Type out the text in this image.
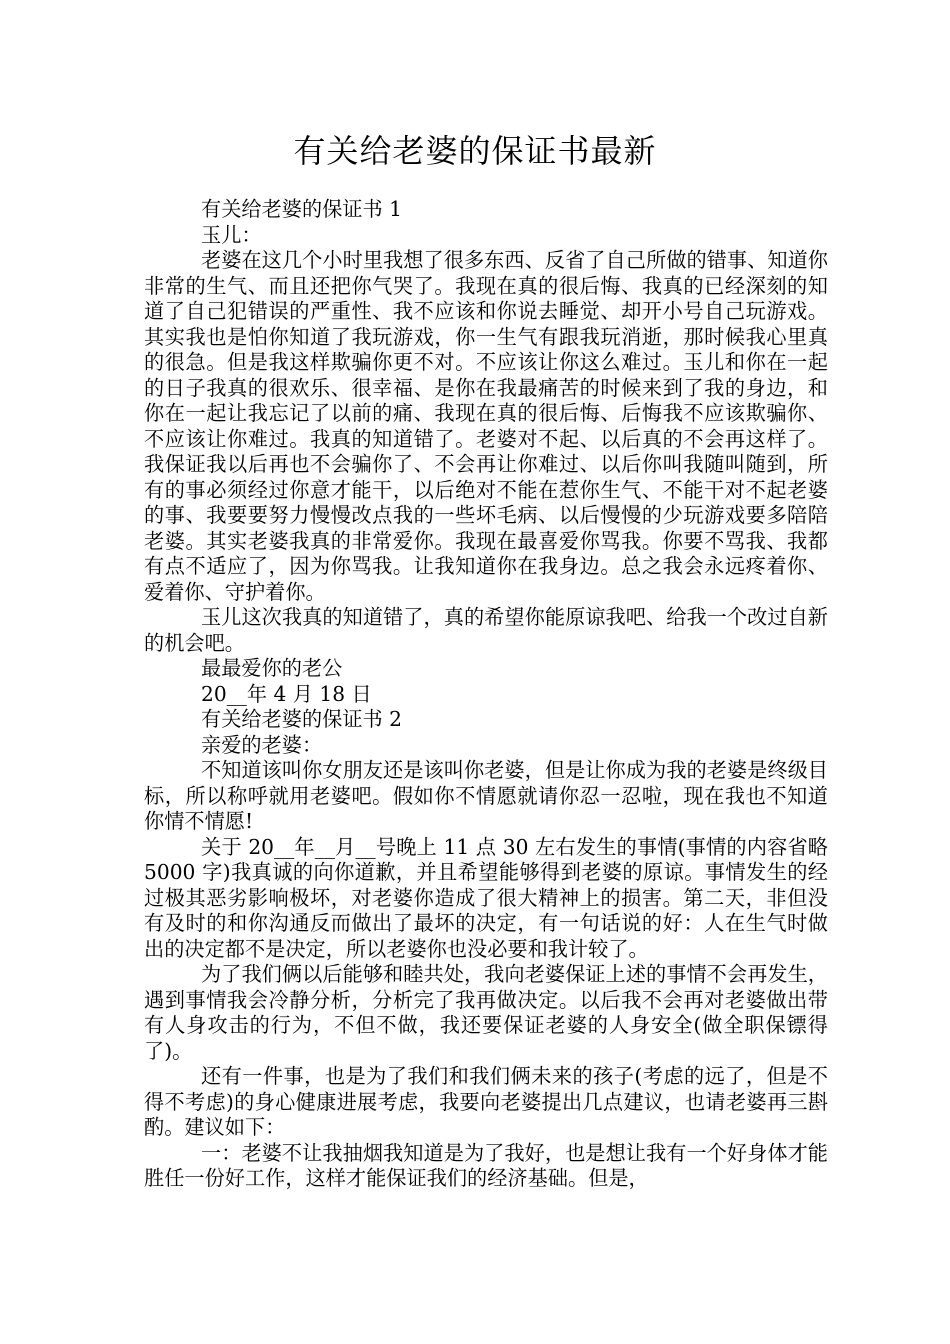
有关给老婆的保证书最新

有关给老婆的保证书 1

玉儿：

老婆在这几个小时里我想了很多东西、反省了自己所做的错事、知道你非常的生气、而且还把你气哭了。我现在真的很后悔、我真的已经深刻的知道了自己犯错误的严重性、我不应该和你说去睡觉、却开小号自己玩游戏。其实我也是怕你知道了我玩游戏，你一生气有跟我玩消逝，那时候我心里真的很急。但是我这样欺骗你更不对。不应该让你这么难过。玉儿和你在一起的日子我真的很欢乐、很幸福、是你在我最痛苦的时候来到了我的身边，和你在一起让我忘记了以前的痛、我现在真的很后悔、后悔我不应该欺骗你、不应该让你难过。我真的知道错了。老婆对不起、以后真的不会再这样了。我保证我以后再也不会骗你了、不会再让你难过、以后你叫我随叫随到，所有的事必须经过你意才能干，以后绝对不能在惹你生气、不能干对不起老婆的事、我要要努力慢慢改点我的一些坏毛病、以后慢慢的少玩游戏要多陪陪老婆。其实老婆我真的非常爱你。我现在最喜爱你骂我。你要不骂我、我都有点不适应了，因为你骂我。让我知道你在我身边。总之我会永远疼着你、爱着你、守护着你。

玉儿这次我真的知道错了，真的希望你能原谅我吧、给我一个改过自新的机会吧。

最最爱你的老公

20__年 4 月 18 日

有关给老婆的保证书 2

亲爱的老婆：

不知道该叫你女朋友还是该叫你老婆，但是让你成为我的老婆是终级目标，所以称呼就用老婆吧。假如你不情愿就请你忍一忍啦，现在我也不知道你情不情愿!

关于 20__年__月__号晚上 11 点 30 左右发生的事情(事情的内容省略 5000 字)我真诚的向你道歉，并且希望能够得到老婆的原谅。事情发生的经过极其恶劣影响极坏，对老婆你造成了很大精神上的损害。第二天，非但没有及时的和你沟通反而做出了最坏的决定，有一句话说的好：人在生气时做出的决定都不是决定，所以老婆你也没必要和我计较了。

为了我们俩以后能够和睦共处，我向老婆保证上述的事情不会再发生，遇到事情我会冷静分析，分析完了我再做决定。以后我不会再对老婆做出带有人身攻击的行为，不但不做，我还要保证老婆的人身安全(做全职保镖得了)。

还有一件事，也是为了我们和我们俩未来的孩子(考虑的远了，但是不得不考虑)的身心健康进展考虑，我要向老婆提出几点建议，也请老婆再三斟酌。建议如下：

一：老婆不让我抽烟我知道是为了我好，也是想让我有一个好身体才能胜任一份好工作，这样才能保证我们的经济基础。但是，
